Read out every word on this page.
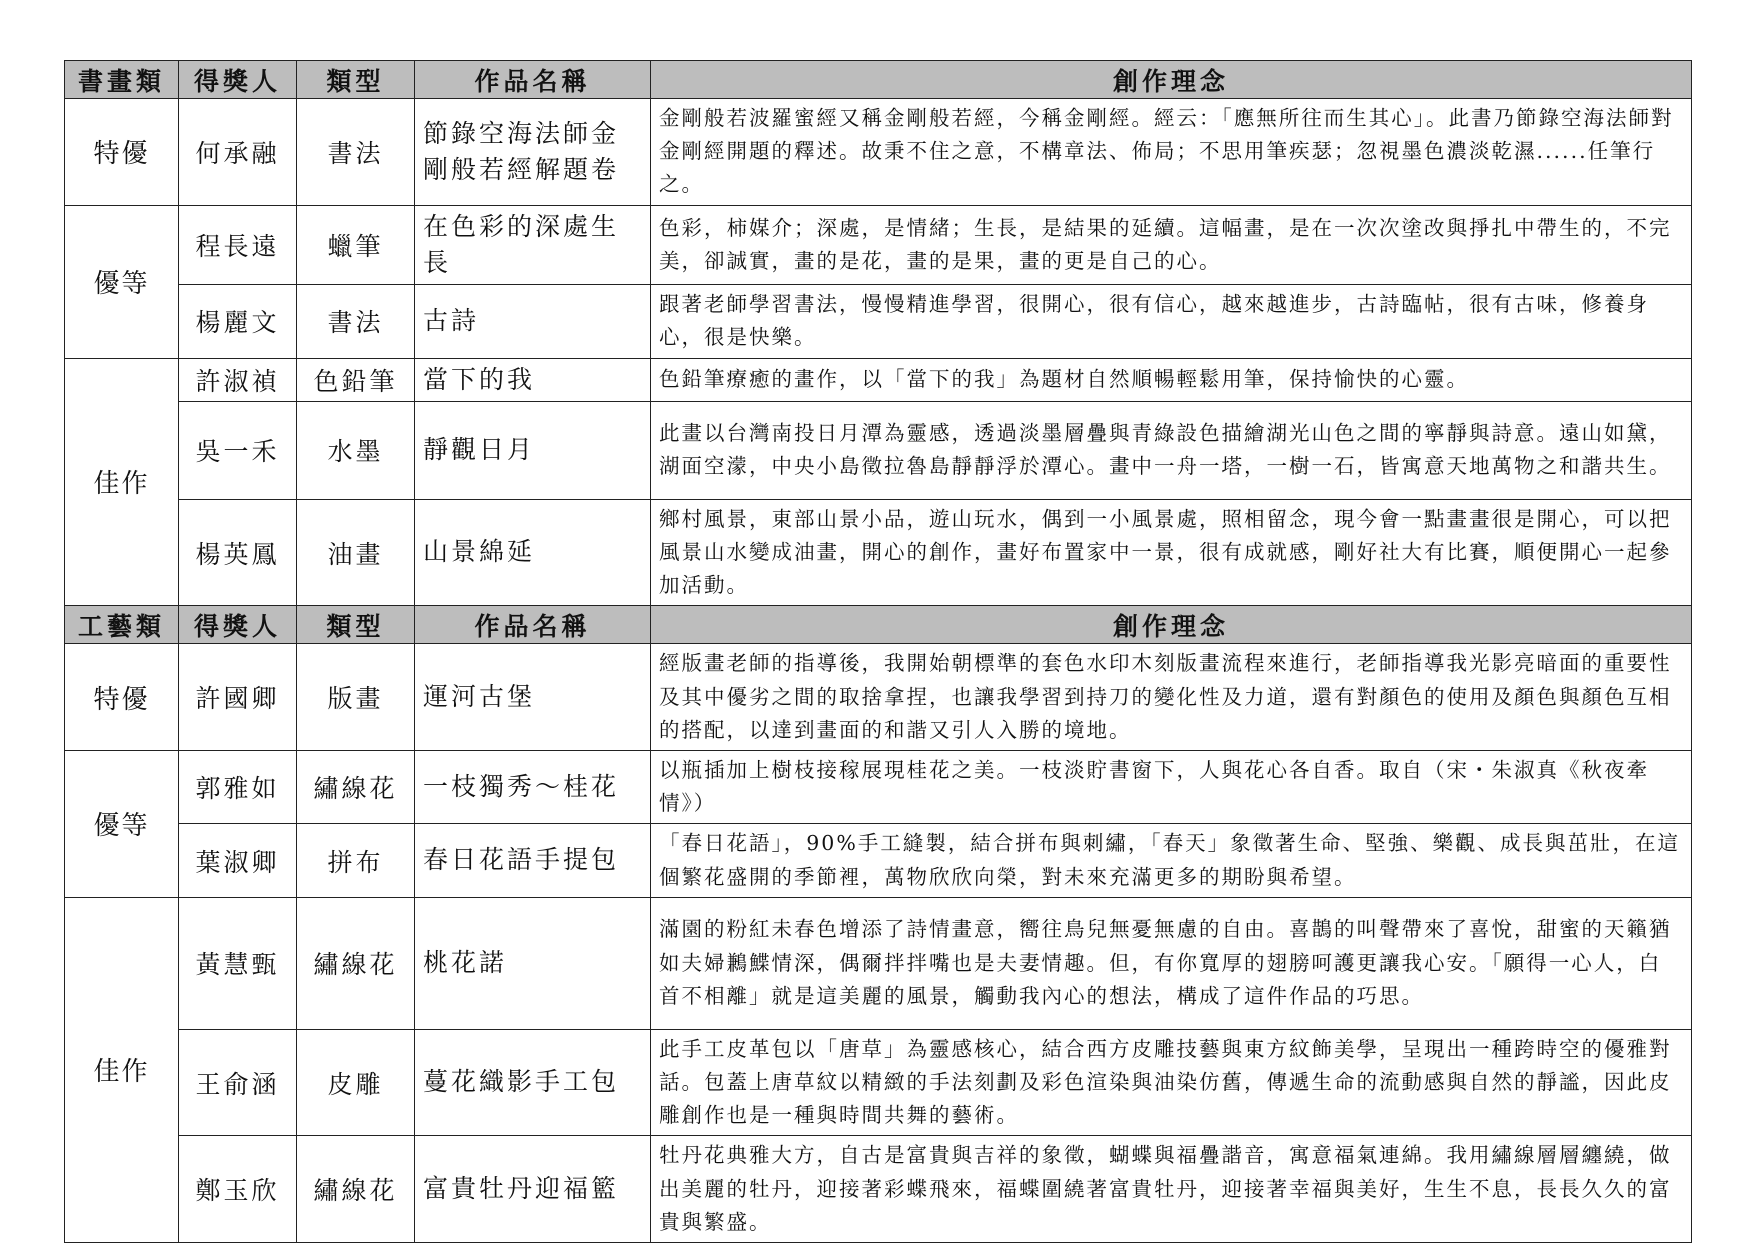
書畫類	得獎人	類型	作品名稱	創作理念
特優	何承融	書法	節錄空海法師金剛般若經解題卷	金剛般若波羅蜜經又稱金剛般若經，今稱金剛經。經云：「應無所往而生其心」。此書乃節錄空海法師對金剛經開題的釋述。故秉不住之意，不構章法、佈局；不思用筆疾瑟；忽視墨色濃淡乾濕......任筆行之。
優等	程長遠	蠟筆	在色彩的深處生長	色彩，柿媒介；深處，是情緒；生長，是結果的延續。這幅畫，是在一次次塗改與掙扎中帶生的，不完美，卻誠實，畫的是花，畫的是果，畫的更是自己的心。
	楊麗文	書法	古詩	跟著老師學習書法，慢慢精進學習，很開心，很有信心，越來越進步，古詩臨帖，很有古味，修養身心，很是快樂。
佳作	許淑禎	色鉛筆	當下的我	色鉛筆療癒的畫作，以「當下的我」為題材自然順暢輕鬆用筆，保持愉快的心靈。
	吳一禾	水墨	靜觀日月	此畫以台灣南投日月潭為靈感，透過淡墨層疊與青綠設色描繪湖光山色之間的寧靜與詩意。遠山如黛，湖面空濛，中央小島徵拉魯島靜靜浮於潭心。畫中一舟一塔，一樹一石，皆寓意天地萬物之和諧共生。
	楊英鳳	油畫	山景綿延	鄉村風景，東部山景小品，遊山玩水，偶到一小風景處，照相留念，現今會一點畫畫很是開心，可以把風景山水變成油畫，開心的創作，畫好布置家中一景，很有成就感，剛好社大有比賽，順便開心一起參加活動。
工藝類	得獎人	類型	作品名稱	創作理念
特優	許國卿	版畫	運河古堡	經版畫老師的指導後，我開始朝標準的套色水印木刻版畫流程來進行，老師指導我光影亮暗面的重要性及其中優劣之間的取捨拿捏，也讓我學習到持刀的變化性及力道，還有對顏色的使用及顏色與顏色互相的搭配，以達到畫面的和諧又引人入勝的境地。
優等	郭雅如	繡線花	一枝獨秀～桂花	以瓶插加上樹枝接稼展現桂花之美。一枝淡貯書窗下，人與花心各自香。取自（宋・朱淑真《秋夜牽情》）
	葉淑卿	拼布	春日花語手提包	「春日花語」，90%手工縫製，結合拼布與刺繡，「春天」象徵著生命、堅強、樂觀、成長與茁壯，在這個繁花盛開的季節裡，萬物欣欣向榮，對未來充滿更多的期盼與希望。
佳作	黃慧甄	繡線花	桃花諾	滿園的粉紅未春色增添了詩情畫意，嚮往鳥兒無憂無慮的自由。喜鵲的叫聲帶來了喜悅，甜蜜的天籟猶如夫婦鶼鰈情深，偶爾拌拌嘴也是夫妻情趣。但，有你寬厚的翅膀呵護更讓我心安。「願得一心人，白首不相離」就是這美麗的風景，觸動我內心的想法，構成了這件作品的巧思。
	王俞涵	皮雕	蔓花織影手工包	此手工皮革包以「唐草」為靈感核心，結合西方皮雕技藝與東方紋飾美學，呈現出一種跨時空的優雅對話。包蓋上唐草紋以精緻的手法刻劃及彩色渲染與油染仿舊，傳遞生命的流動感與自然的靜謐，因此皮雕創作也是一種與時間共舞的藝術。
	鄭玉欣	繡線花	富貴牡丹迎福籃	牡丹花典雅大方，自古是富貴與吉祥的象徵，蝴蝶與福疊諧音，寓意福氣連綿。我用繡線層層纏繞，做出美麗的牡丹，迎接著彩蝶飛來，福蝶圍繞著富貴牡丹，迎接著幸福與美好，生生不息，長長久久的富貴與繁盛。
